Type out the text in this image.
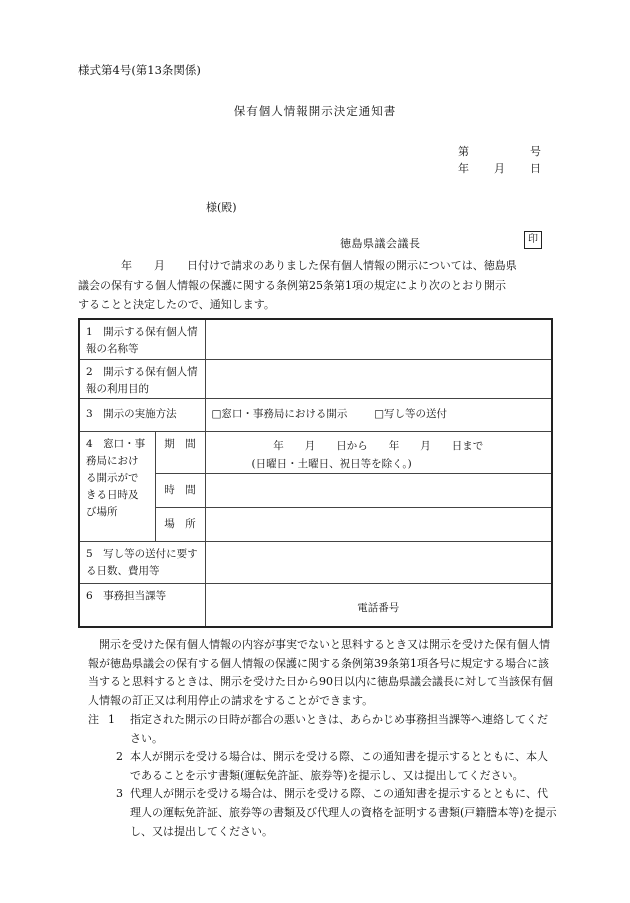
様式第4号(第13条関係)
保有個人情報開示決定通知書
第	号
年 月 日
様(殿)
徳島県議会議長	印
　年　　月　　日付けで請求のありました保有個人情報の開示については、徳島県
議会の保有する個人情報の保護に関する条例第25条第1項の規定により次のとおり開示
することと決定したので、通知します。
1　開示する保有個人情報の名称等		
2　開示する保有個人情報の利用目的		
3　開示の実施方法		□窓口・事務局における開示 □写し等の送付
4　窓口・事務局における開示ができる日時及び場所	期　間	年　　月　　日から　　年　　月　　日まで
(日曜日・土曜日、祝日等を除く。)

	時　間	
	場　所	
5　写し等の送付に要する日数、費用等		
6　事務担当課等		電話番号
　開示を受けた保有個人情報の内容が事実でないと思料するとき又は開示を受けた保有個人情報が徳島県議会の保有する個人情報の保護に関する条例第39条第1項各号に規定する場合に該当すると思料するときは、開示を受けた日から90日以内に徳島県議会議長に対して当該保有個人情報の訂正又は利用停止の請求をすることができます。
注 1	指定された開示の日時が都合の悪いときは、あらかじめ事務担当課等へ連絡してください。
2 本人が開示を受ける場合は、開示を受ける際、この通知書を提示するとともに、本人であることを示す書類(運転免許証、旅券等)を提示し、又は提出してください。
3 代理人が開示を受ける場合は、開示を受ける際、この通知書を提示するとともに、代理人の運転免許証、旅券等の書類及び代理人の資格を証明する書類(戸籍謄本等)を提示し、又は提出してください。
